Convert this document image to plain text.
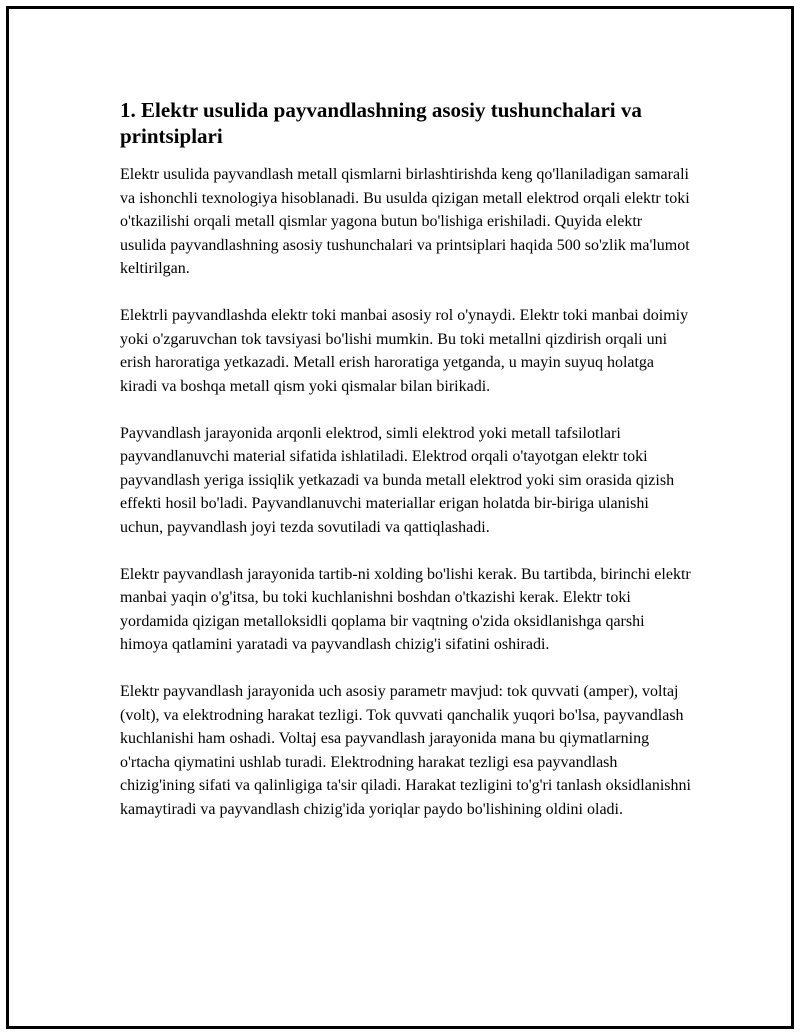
1. Elektr usulida payvandlashning asosiy tushunchalari va printsiplari

Elektr usulida payvandlash metall qismlarni birlashtirishda keng qo'llaniladigan samarali va ishonchli texnologiya hisoblanadi. Bu usulda qizigan metall elektrod orqali elektr toki o'tkazilishi orqali metall qismlar yagona butun bo'lishiga erishiladi. Quyida elektr usulida payvandlashning asosiy tushunchalari va printsiplari haqida 500 so'zlik ma'lumot keltirilgan.

Elektrli payvandlashda elektr toki manbai asosiy rol o'ynaydi. Elektr toki manbai doimiy yoki o'zgaruvchan tok tavsiyasi bo'lishi mumkin. Bu toki metallni qizdirish orqali uni erish haroratiga yetkazadi. Metall erish haroratiga yetganda, u mayin suyuq holatga kiradi va boshqa metall qism yoki qismalar bilan birikadi.

Payvandlash jarayonida arqonli elektrod, simli elektrod yoki metall tafsilotlari payvandlanuvchi material sifatida ishlatiladi. Elektrod orqali o'tayotgan elektr toki payvandlash yeriga issiqlik yetkazadi va bunda metall elektrod yoki sim orasida qizish effekti hosil bo'ladi. Payvandlanuvchi materiallar erigan holatda bir-biriga ulanishi uchun, payvandlash joyi tezda sovutiladi va qattiqlashadi.

Elektr payvandlash jarayonida tartib-ni xolding bo'lishi kerak. Bu tartibda, birinchi elektr manbai yaqin o'g'itsa, bu toki kuchlanishni boshdan o'tkazishi kerak. Elektr toki yordamida qizigan metalloksidli qoplama bir vaqtning o'zida oksidlanishga qarshi himoya qatlamini yaratadi va payvandlash chizig'i sifatini oshiradi.

Elektr payvandlash jarayonida uch asosiy parametr mavjud: tok quvvati (amper), voltaj (volt), va elektrodning harakat tezligi. Tok quvvati qanchalik yuqori bo'lsa, payvandlash kuchlanishi ham oshadi. Voltaj esa payvandlash jarayonida mana bu qiymatlarning o'rtacha qiymatini ushlab turadi. Elektrodning harakat tezligi esa payvandlash chizig'ining sifati va qalinligiga ta'sir qiladi. Harakat tezligini to'g'ri tanlash oksidlanishni kamaytiradi va payvandlash chizig'ida yoriqlar paydo bo'lishining oldini oladi.
